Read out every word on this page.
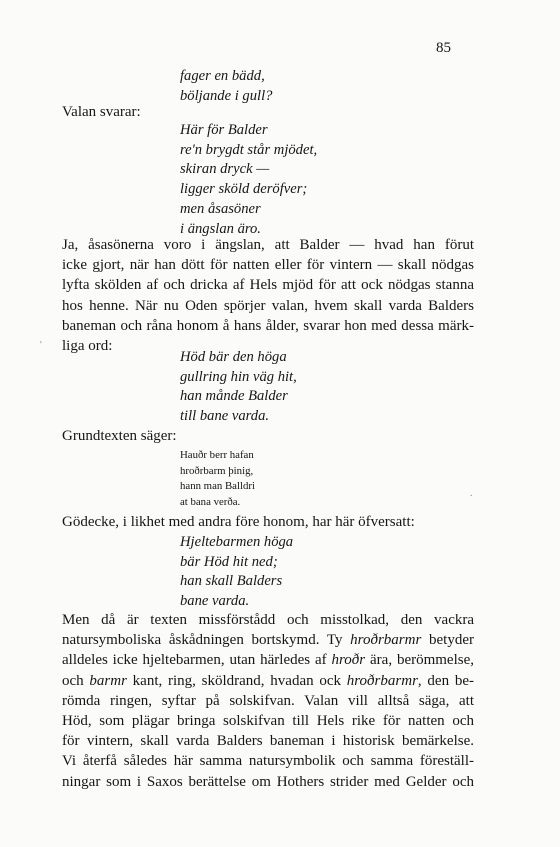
85
fager en bädd,
böljande i gull?
Valan svarar:
Här för Balder
re'n brygdt står mjödet,
skiran dryck —
ligger sköld deröfver;
men åsasöner
i ängslan äro.
Ja, åsasönerna voro i ängslan, att Balder — hvad han förut
icke gjort, när han dött för natten eller för vintern — skall nödgas
lyfta skölden af och dricka af Hels mjöd för att ock nödgas stanna
hos henne. När nu Oden spörjer valan, hvem skall varda Balders
baneman och råna honom å hans ålder, svarar hon med dessa märk-
liga ord:
'
Höd bär den höga
gullring hin väg hit,
han månde Balder
till bane varda.
Grundtexten säger:
Hauðr berr hafan
hroðrbarm þinig,
hann man Balldri
at bana verða.
.
Gödecke, i likhet med andra före honom, har här öfversatt:
Hjeltebarmen höga
bär Höd hit ned;
han skall Balders
bane varda.
Men då är texten missförstådd och misstolkad, den vackra
natursymboliska åskådningen bortskymd. Ty hroðrbarmr betyder
alldeles icke hjeltebarmen, utan härledes af hroðr ära, berömmelse,
och barmr kant, ring, sköldrand, hvadan ock hroðrbarmr, den be-
römda ringen, syftar på solskifvan. Valan vill alltså säga, att
Höd, som plägar bringa solskifvan till Hels rike för natten och
för vintern, skall varda Balders baneman i historisk bemärkelse.
Vi återfå således här samma natursymbolik och samma föreställ-
ningar som i Saxos berättelse om Hothers strider med Gelder och
